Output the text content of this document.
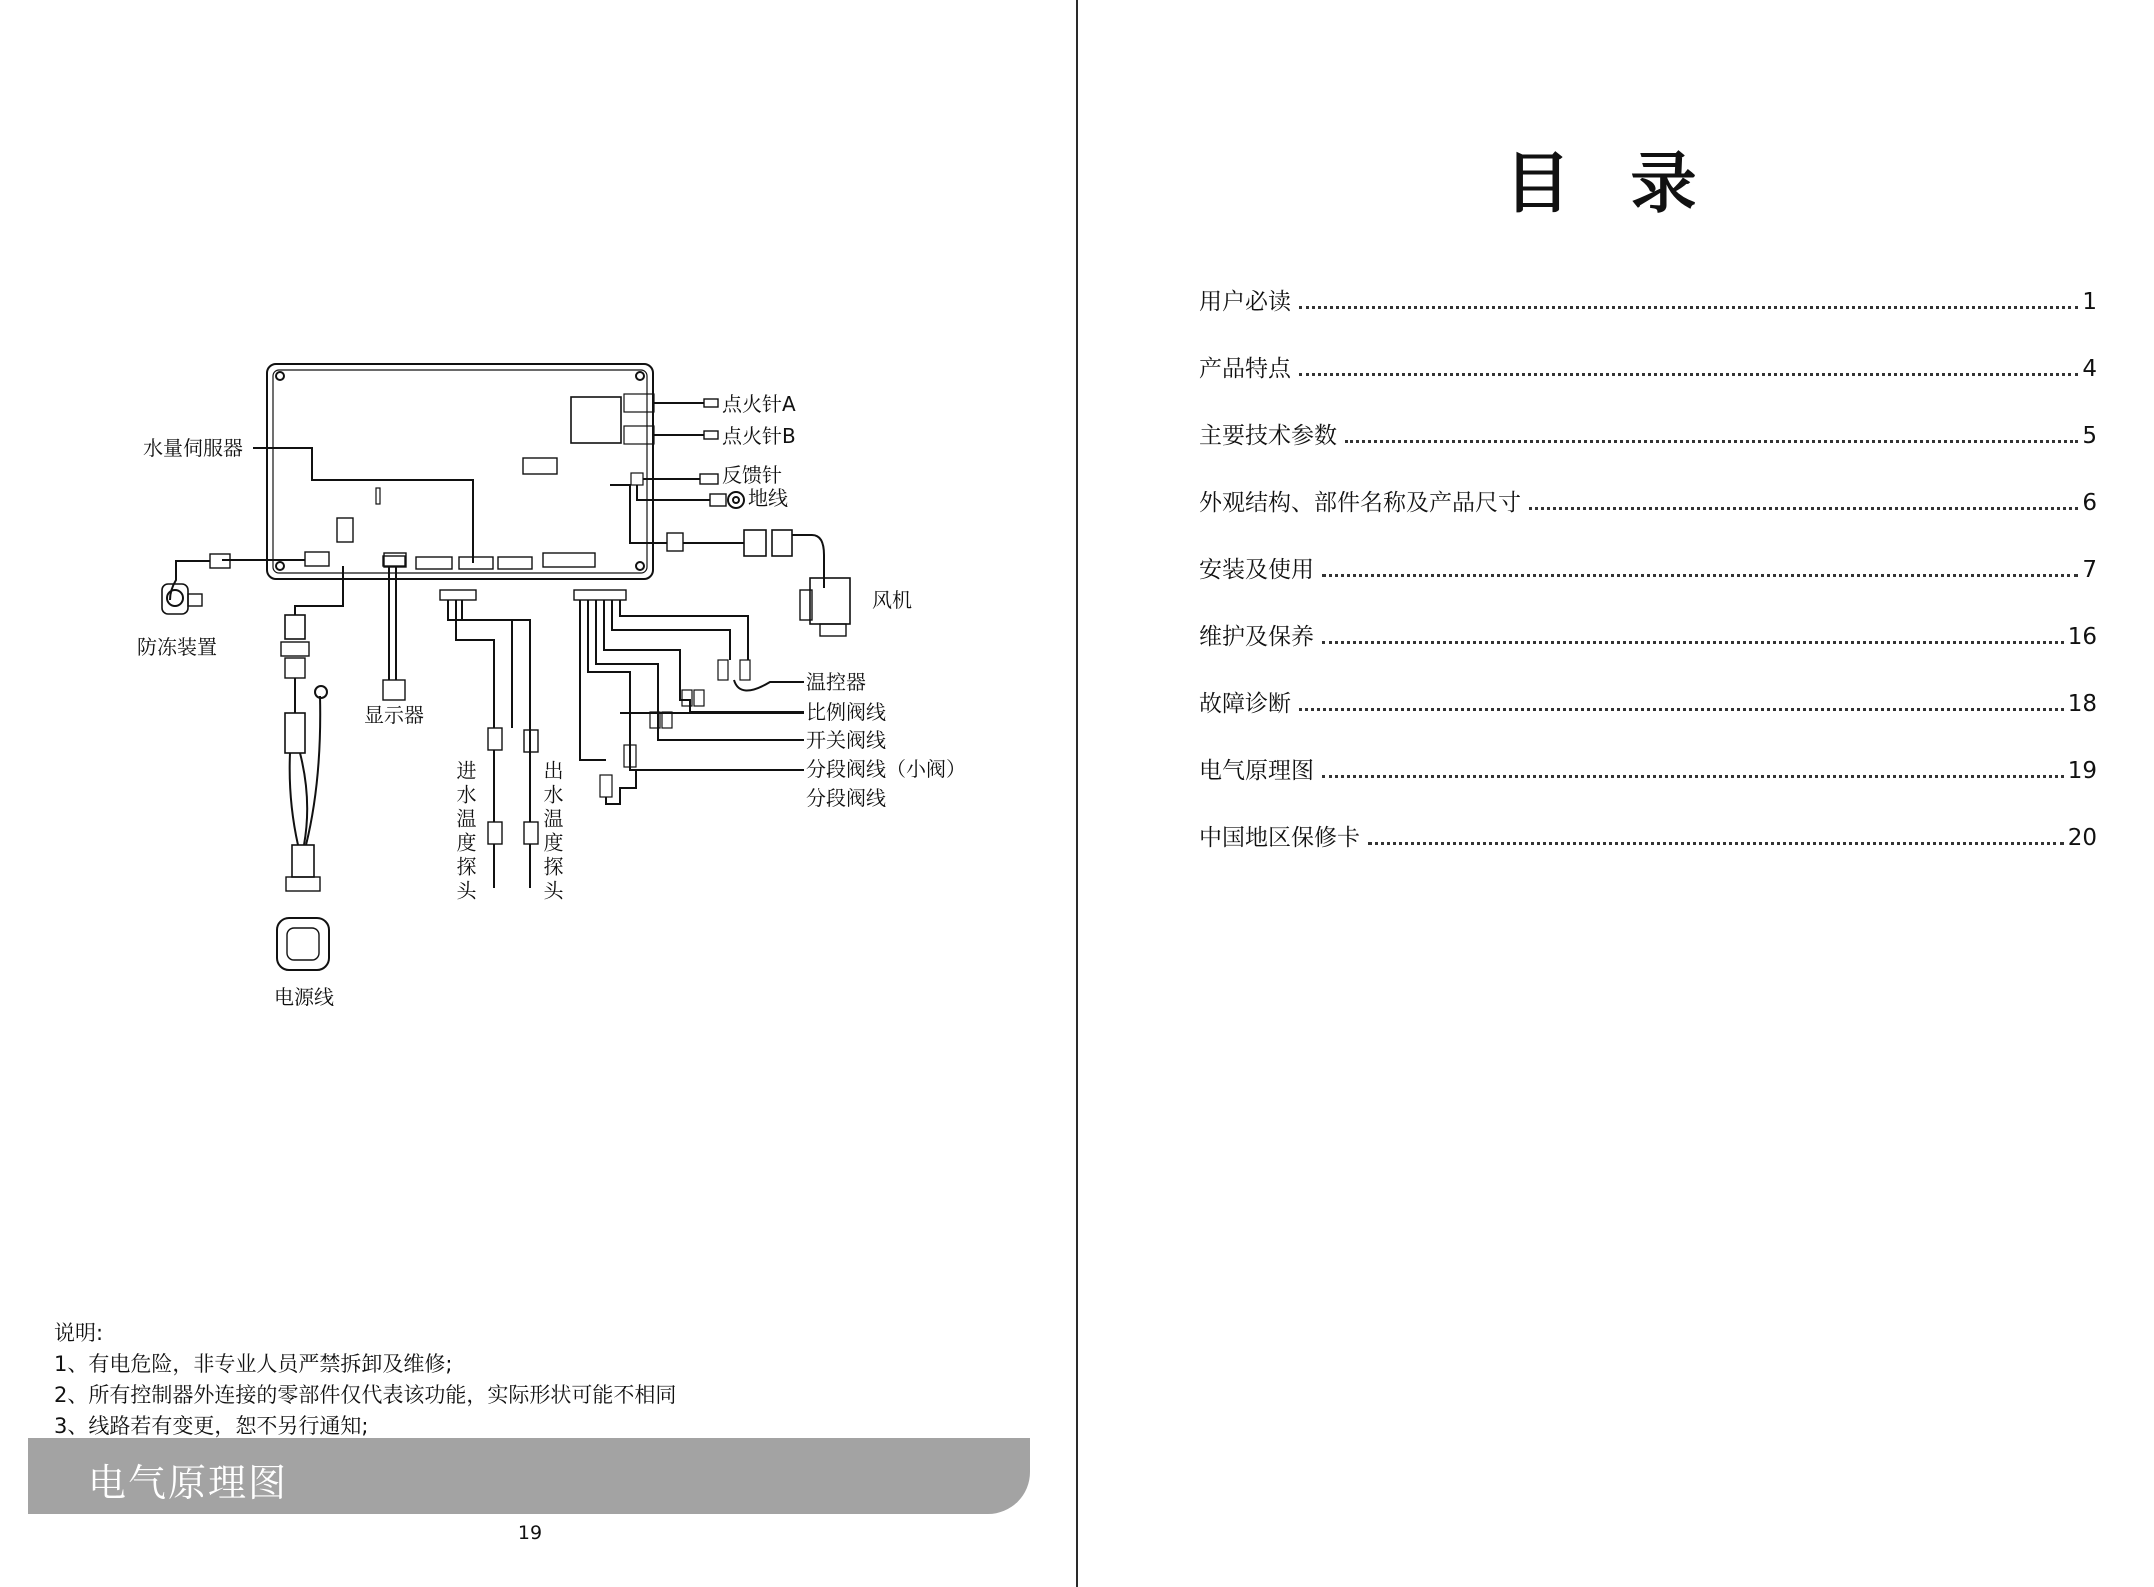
水量伺服器
点火针A
点火针B
反馈针
地线
风机
防冻装置
显示器
温控器
比例阀线
开关阀线
分段阀线（小阀）
分段阀线
进水温度探头	出水温度探头
电源线
说明:
1、有电危险，非专业人员严禁拆卸及维修;
2、所有控制器外连接的零部件仅代表该功能，实际形状可能不相同
3、线路若有变更，恕不另行通知;
电气原理图
19
目录
用户必读	1
产品特点	4
主要技术参数	5
外观结构、部件名称及产品尺寸	6
安装及使用	7
维护及保养	16
故障诊断	18
电气原理图	19
中国地区保修卡	20
